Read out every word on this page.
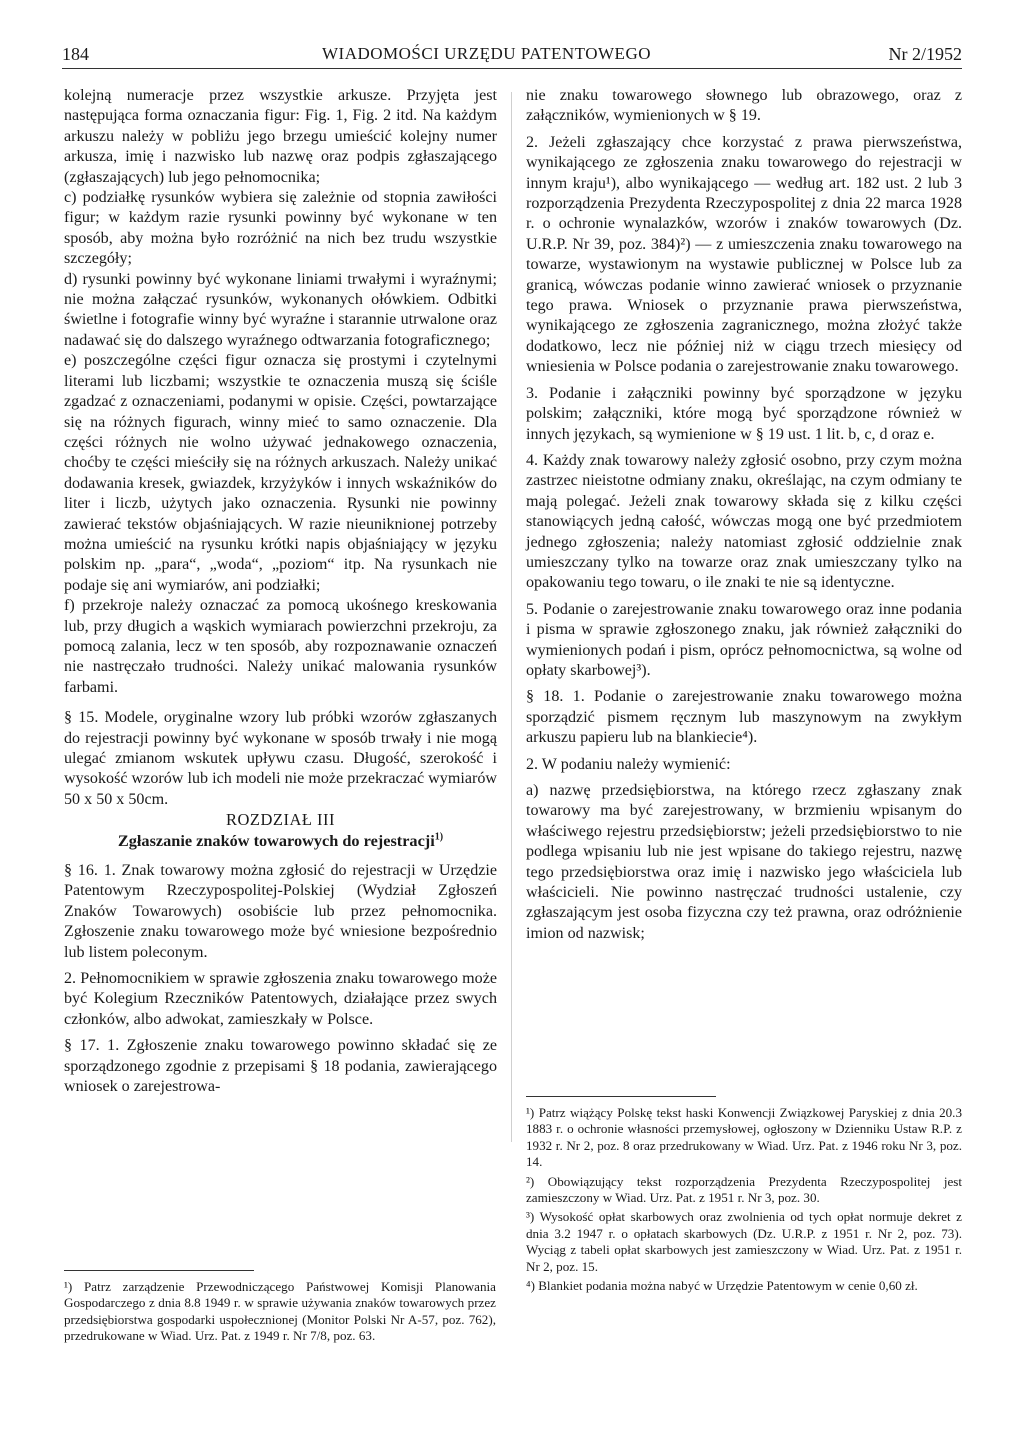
184	WIADOMOŚCI URZĘDU PATENTOWEGO	Nr 2/1952

kolejną numeracje przez wszystkie arkusze. Przyjęta jest następująca forma oznaczania figur: Fig. 1, Fig. 2 itd. Na każdym arkuszu należy w pobliżu jego brzegu umieścić kolejny numer arkusza, imię i nazwisko lub nazwę oraz podpis zgłaszającego (zgłaszających) lub jego pełnomocnika;

c) podziałkę rysunków wybiera się zależnie od stopnia zawiłości figur; w każdym razie rysunki powinny być wykonane w ten sposób, aby można było rozróżnić na nich bez trudu wszystkie szczegóły;

d) rysunki powinny być wykonane liniami trwałymi i wyraźnymi; nie można załączać rysunków, wykonanych ołówkiem. Odbitki świetlne i fotografie winny być wyraźne i starannie utrwalone oraz nadawać się do dalszego wyraźnego odtwarzania fotograficznego;

e) poszczególne części figur oznacza się prostymi i czytelnymi literami lub liczbami; wszystkie te oznaczenia muszą się ściśle zgadzać z oznaczeniami, podanymi w opisie. Części, powtarzające się na różnych figurach, winny mieć to samo oznaczenie. Dla części różnych nie wolno używać jednakowego oznaczenia, choćby te części mieściły się na różnych arkuszach. Należy unikać dodawania kresek, gwiazdek, krzyżyków i innych wskaźników do liter i liczb, użytych jako oznaczenia. Rysunki nie powinny zawierać tekstów objaśniających. W razie nieuniknionej potrzeby można umieścić na rysunku krótki napis objaśniający w języku polskim np. „para“, „woda“, „poziom“ itp. Na rysunkach nie podaje się ani wymiarów, ani podziałki;

f) przekroje należy oznaczać za pomocą ukośnego kreskowania lub, przy długich a wąskich wymiarach powierzchni przekroju, za pomocą zalania, lecz w ten sposób, aby rozpoznawanie oznaczeń nie nastręczało trudności. Należy unikać malowania rysunków farbami.

§ 15. Modele, oryginalne wzory lub próbki wzorów zgłaszanych do rejestracji powinny być wykonane w sposób trwały i nie mogą ulegać zmianom wskutek upływu czasu. Długość, szerokość i wysokość wzorów lub ich modeli nie może przekraczać wymiarów 50 x 50 x 50cm.

ROZDZIAŁ III

Zgłaszanie znaków towarowych do rejestracji$^{1)}$

§ 16. 1. Znak towarowy można zgłosić do rejestracji w Urzędzie Patentowym Rzeczypospolitej-Polskiej (Wydział Zgłoszeń Znaków Towarowych) osobiście lub przez pełnomocnika. Zgłoszenie znaku towarowego może być wniesione bezpośrednio lub listem poleconym.

2. Pełnomocnikiem w sprawie zgłoszenia znaku towarowego może być Kolegium Rzeczników Patentowych, działające przez swych członków, albo adwokat, zamieszkały w Polsce.

§ 17. 1. Zgłoszenie znaku towarowego powinno składać się ze sporządzonego zgodnie z przepisami § 18 podania, zawierającego wniosek o zarejestrowa-

¹) Patrz zarządzenie Przewodniczącego Państwowej Komisji Planowania Gospodarczego z dnia 8.8 1949 r. w sprawie używania znaków towarowych przez przedsiębiorstwa gospodarki uspołecznionej (Monitor Polski Nr A-57, poz. 762), przedrukowane w Wiad. Urz. Pat. z 1949 r. Nr 7/8, poz. 63.

nie znaku towarowego słownego lub obrazowego, oraz z załączników, wymienionych w § 19.

2. Jeżeli zgłaszający chce korzystać z prawa pierwszeństwa, wynikającego ze zgłoszenia znaku towarowego do rejestracji w innym kraju¹), albo wynikającego — według art. 182 ust. 2 lub 3 rozporządzenia Prezydenta Rzeczypospolitej z dnia 22 marca 1928 r. o ochronie wynalazków, wzorów i znaków towarowych (Dz. U.R.P. Nr 39, poz. 384)²) — z umieszczenia znaku towarowego na towarze, wystawionym na wystawie publicznej w Polsce lub za granicą, wówczas podanie winno zawierać wniosek o przyznanie tego prawa. Wniosek o przyznanie prawa pierwszeństwa, wynikającego ze zgłoszenia zagranicznego, można złożyć także dodatkowo, lecz nie później niż w ciągu trzech miesięcy od wniesienia w Polsce podania o zarejestrowanie znaku towarowego.

3. Podanie i załączniki powinny być sporządzone w języku polskim; załączniki, które mogą być sporządzone również w innych językach, są wymienione w § 19 ust. 1 lit. b, c, d oraz e.

4. Każdy znak towarowy należy zgłosić osobno, przy czym można zastrzec nieistotne odmiany znaku, określając, na czym odmiany te mają polegać. Jeżeli znak towarowy składa się z kilku części stanowiących jedną całość, wówczas mogą one być przedmiotem jednego zgłoszenia; należy natomiast zgłosić oddzielnie znak umieszczany tylko na towarze oraz znak umieszczany tylko na opakowaniu tego towaru, o ile znaki te nie są identyczne.

5. Podanie o zarejestrowanie znaku towarowego oraz inne podania i pisma w sprawie zgłoszonego znaku, jak również załączniki do wymienionych podań i pism, oprócz pełnomocnictwa, są wolne od opłaty skarbowej³).

§ 18. 1. Podanie o zarejestrowanie znaku towarowego można sporządzić pismem ręcznym lub maszynowym na zwykłym arkuszu papieru lub na blankiecie⁴).

2. W podaniu należy wymienić:

a) nazwę przedsiębiorstwa, na którego rzecz zgłaszany znak towarowy ma być zarejestrowany, w brzmieniu wpisanym do właściwego rejestru przedsiębiorstw; jeżeli przedsiębiorstwo to nie podlega wpisaniu lub nie jest wpisane do takiego rejestru, nazwę tego przedsiębiorstwa oraz imię i nazwisko jego właściciela lub właścicieli. Nie powinno nastręczać trudności ustalenie, czy zgłaszającym jest osoba fizyczna czy też prawna, oraz odróżnienie imion od nazwisk;

¹) Patrz wiążący Polskę tekst haski Konwencji Związkowej Paryskiej z dnia 20.3 1883 r. o ochronie własności przemysłowej, ogłoszony w Dzienniku Ustaw R.P. z 1932 r. Nr 2, poz. 8 oraz przedrukowany w Wiad. Urz. Pat. z 1946 roku Nr 3, poz. 14.

²) Obowiązujący tekst rozporządzenia Prezydenta Rzeczypospolitej jest zamieszczony w Wiad. Urz. Pat. z 1951 r. Nr 3, poz. 30.

³) Wysokość opłat skarbowych oraz zwolnienia od tych opłat normuje dekret z dnia 3.2 1947 r. o opłatach skarbowych (Dz. U.R.P. z 1951 r. Nr 2, poz. 73). Wyciąg z tabeli opłat skarbowych jest zamieszczony w Wiad. Urz. Pat. z 1951 r. Nr 2, poz. 15.

⁴) Blankiet podania można nabyć w Urzędzie Patentowym w cenie 0,60 zł.
